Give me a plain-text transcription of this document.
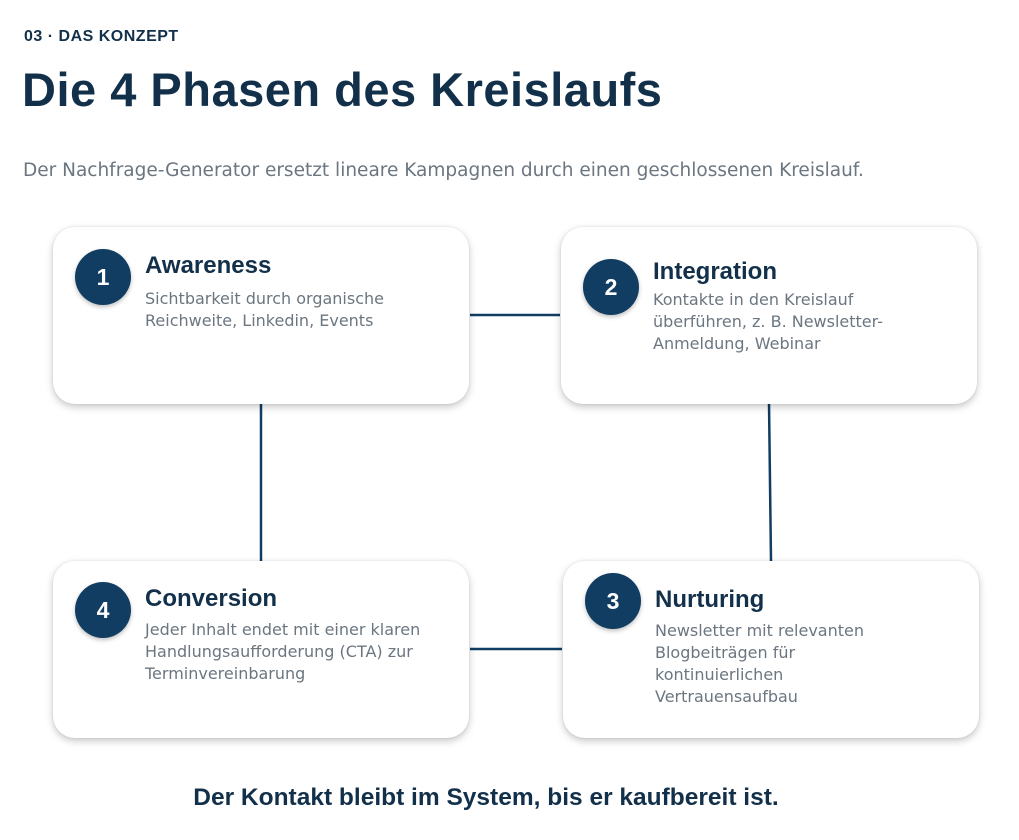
03 · DAS KONZEPT
Die 4 Phasen des Kreislaufs
Der Nachfrage-Generator ersetzt lineare Kampagnen durch einen geschlossenen Kreislauf.
1	Awareness
Sichtbarkeit durch organische Reichweite, Linkedin, Events
2
Integration
Kontakte in den Kreislauf überführen, z. B. Newsletter-Anmeldung, Webinar
3	Nurturing
Newsletter mit relevanten Blogbeiträgen für kontinuierlichen Vertrauensaufbau
4	Conversion
Jeder Inhalt endet mit einer klaren Handlungsaufforderung (CTA) zur Terminvereinbarung
Der Kontakt bleibt im System, bis er kaufbereit ist.
